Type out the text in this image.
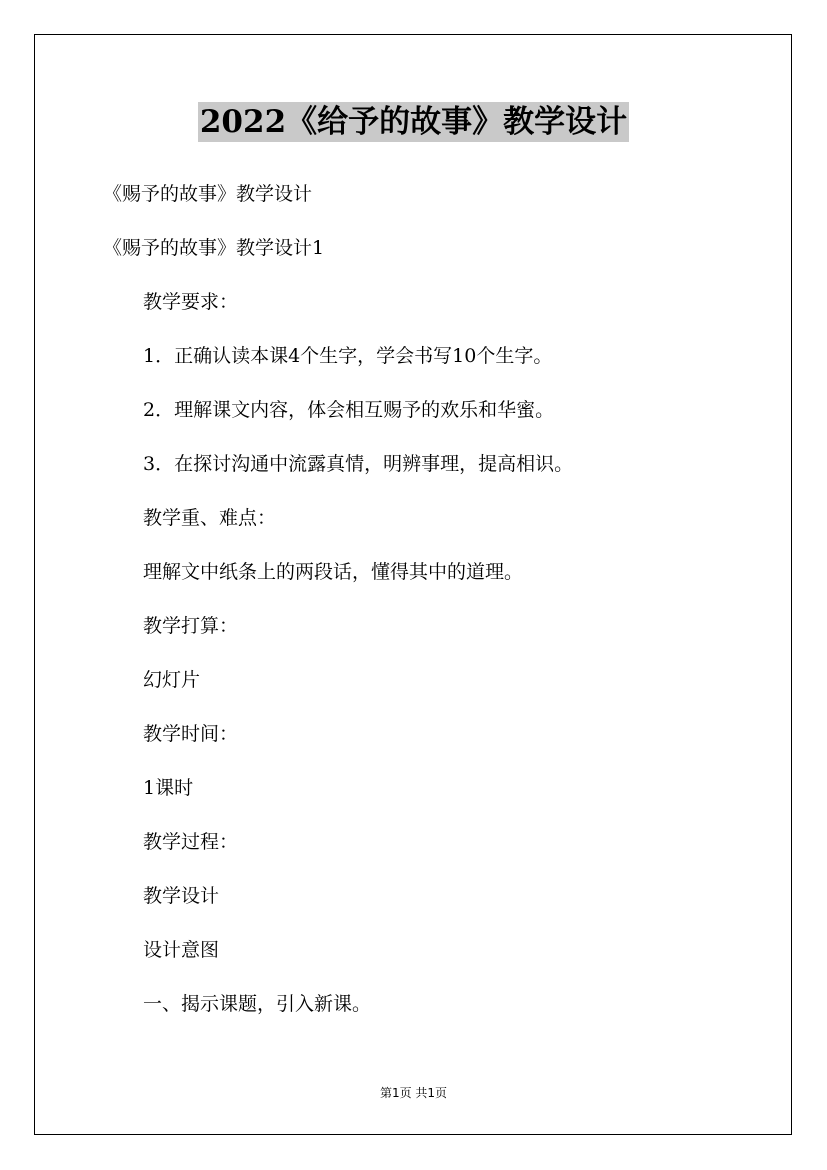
2022《给予的故事》教学设计
《赐予的故事》教学设计
《赐予的故事》教学设计1
教学要求：
1．正确认读本课4个生字，学会书写10个生字。
2．理解课文内容，体会相互赐予的欢乐和华蜜。
3．在探讨沟通中流露真情，明辨事理，提高相识。
教学重、难点：
理解文中纸条上的两段话，懂得其中的道理。
教学打算：
幻灯片
教学时间：
1课时
教学过程：
教学设计
设计意图
一、揭示课题，引入新课。
第1页 共1页
